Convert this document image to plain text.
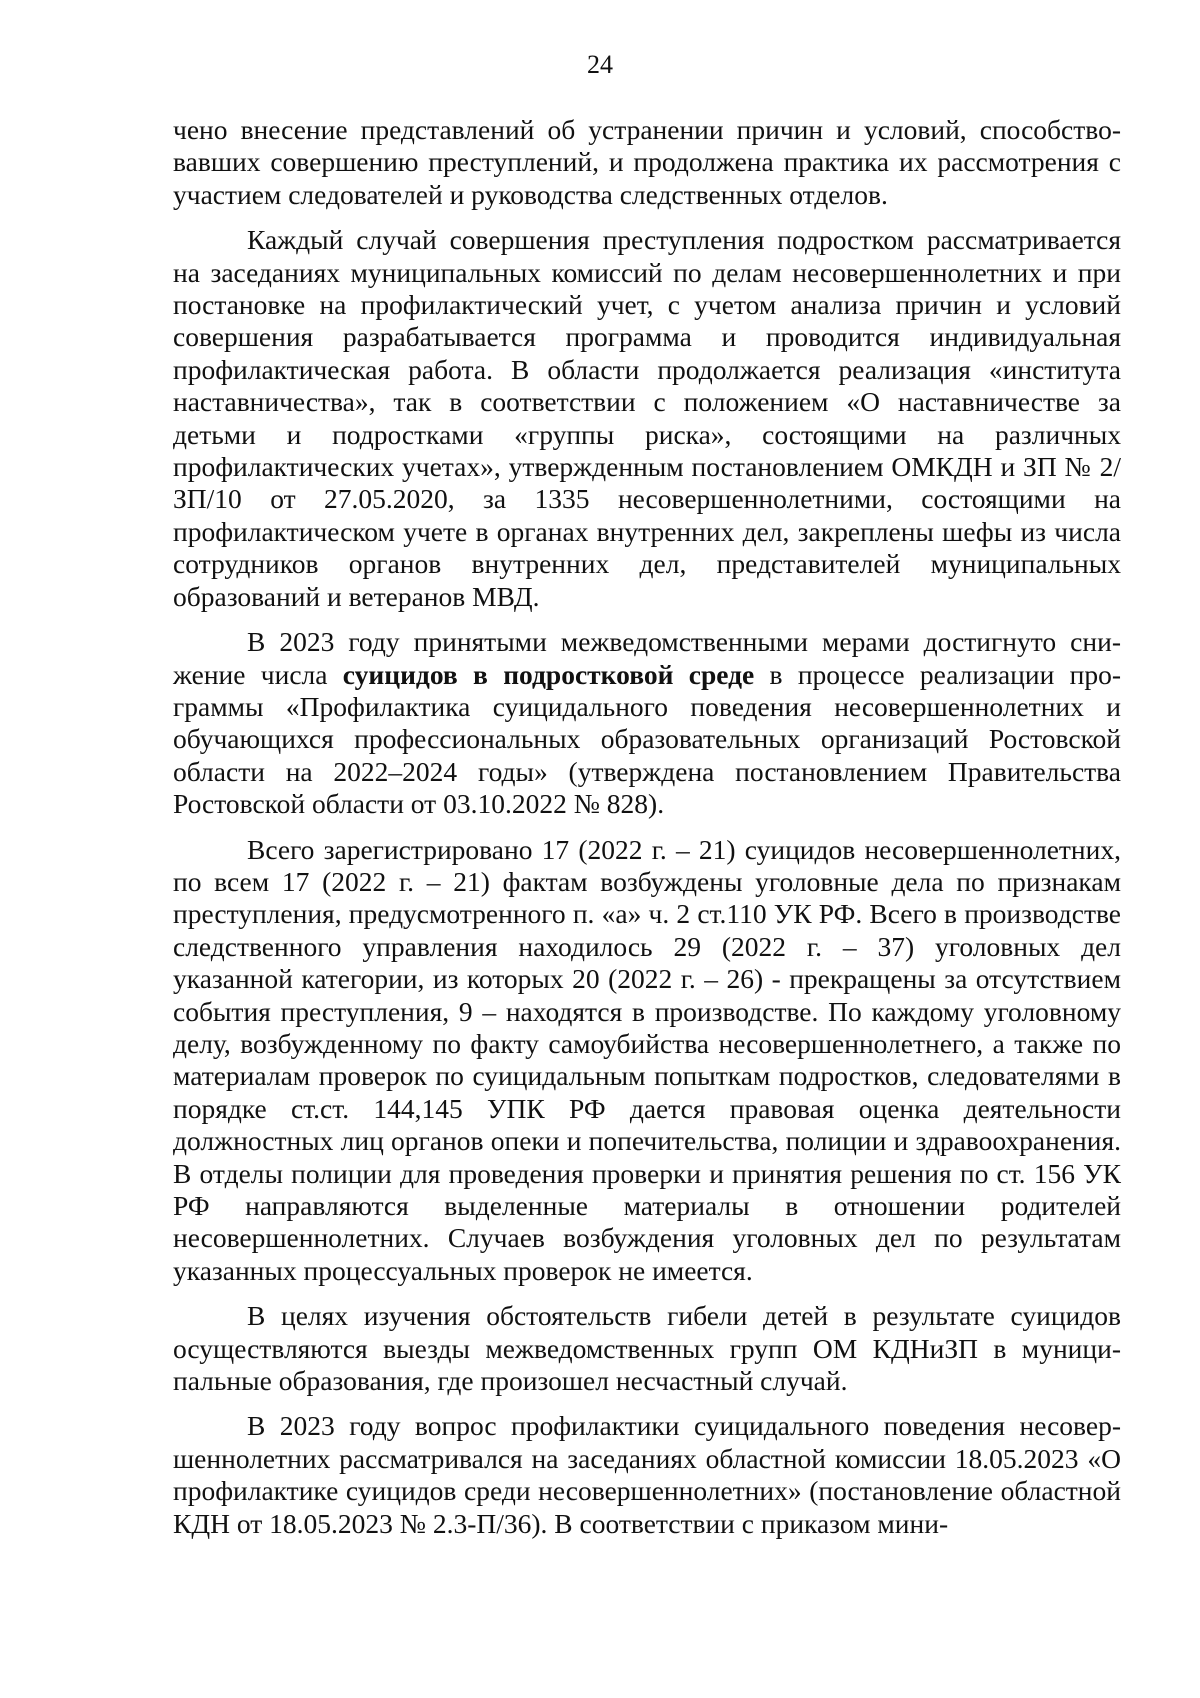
24

чено внесение представлений об устранении причин и условий, способствовавших совершению преступлений, и продолжена практика их рассмотрения с участием следователей и руководства следственных отделов.

Каждый случай совершения преступления подростком рассматривается на заседаниях муниципальных комиссий по делам несовершеннолетних и при постановке на профилактический учет, с учетом анализа причин и условий совершения разрабатывается программа и проводится индивидуальная профилактическая работа. В области продолжается реализация «института наставничества», так в соответствии с положением «О наставничестве за детьми и подростками «группы риска», состоящими на различных профилактических учетах», утвержденным постановлением ОМКДН и ЗП № 2/ЗП/10 от 27.05.2020, за 1335 несовершеннолетними, состоящими на профилактическом учете в органах внутренних дел, закреплены шефы из числа сотрудников органов внутренних дел, представителей муниципальных образований и ветеранов МВД.

В 2023 году принятыми межведомственными мерами достигнуто снижение числа суицидов в подростковой среде в процессе реализации программы «Профилактика суицидального поведения несовершеннолетних и обучающихся профессиональных образовательных организаций Ростовской области на 2022–2024 годы» (утверждена постановлением Правительства Ростовской области от 03.10.2022 № 828).

Всего зарегистрировано 17 (2022 г. – 21) суицидов несовершеннолетних, по всем 17 (2022 г. – 21) фактам возбуждены уголовные дела по признакам преступления, предусмотренного п. «а» ч. 2 ст.110 УК РФ. Всего в производстве следственного управления находилось 29 (2022 г. – 37) уголовных дел указанной категории, из которых 20 (2022 г. – 26) - прекращены за отсутствием события преступления, 9 – находятся в производстве. По каждому уголовному делу, возбужденному по факту самоубийства несовершеннолетнего, а также по материалам проверок по суицидальным попыткам подростков, следователями в порядке ст.ст. 144,145 УПК РФ дается правовая оценка деятельности должностных лиц органов опеки и попечительства, полиции и здравоохранения. В отделы полиции для проведения проверки и принятия решения по ст. 156 УК РФ направляются выделенные материалы в отношении родителей несовершеннолетних. Случаев возбуждения уголовных дел по результатам указанных процессуальных проверок не имеется.

В целях изучения обстоятельств гибели детей в результате суицидов осуществляются выезды межведомственных групп ОМ КДНиЗП в муниципальные образования, где произошел несчастный случай.

В 2023 году вопрос профилактики суицидального поведения несовершеннолетних рассматривался на заседаниях областной комиссии 18.05.2023 «О профилактике суицидов среди несовершеннолетних» (постановление областной КДН от 18.05.2023 № 2.3-П/36). В соответствии с приказом мини-
